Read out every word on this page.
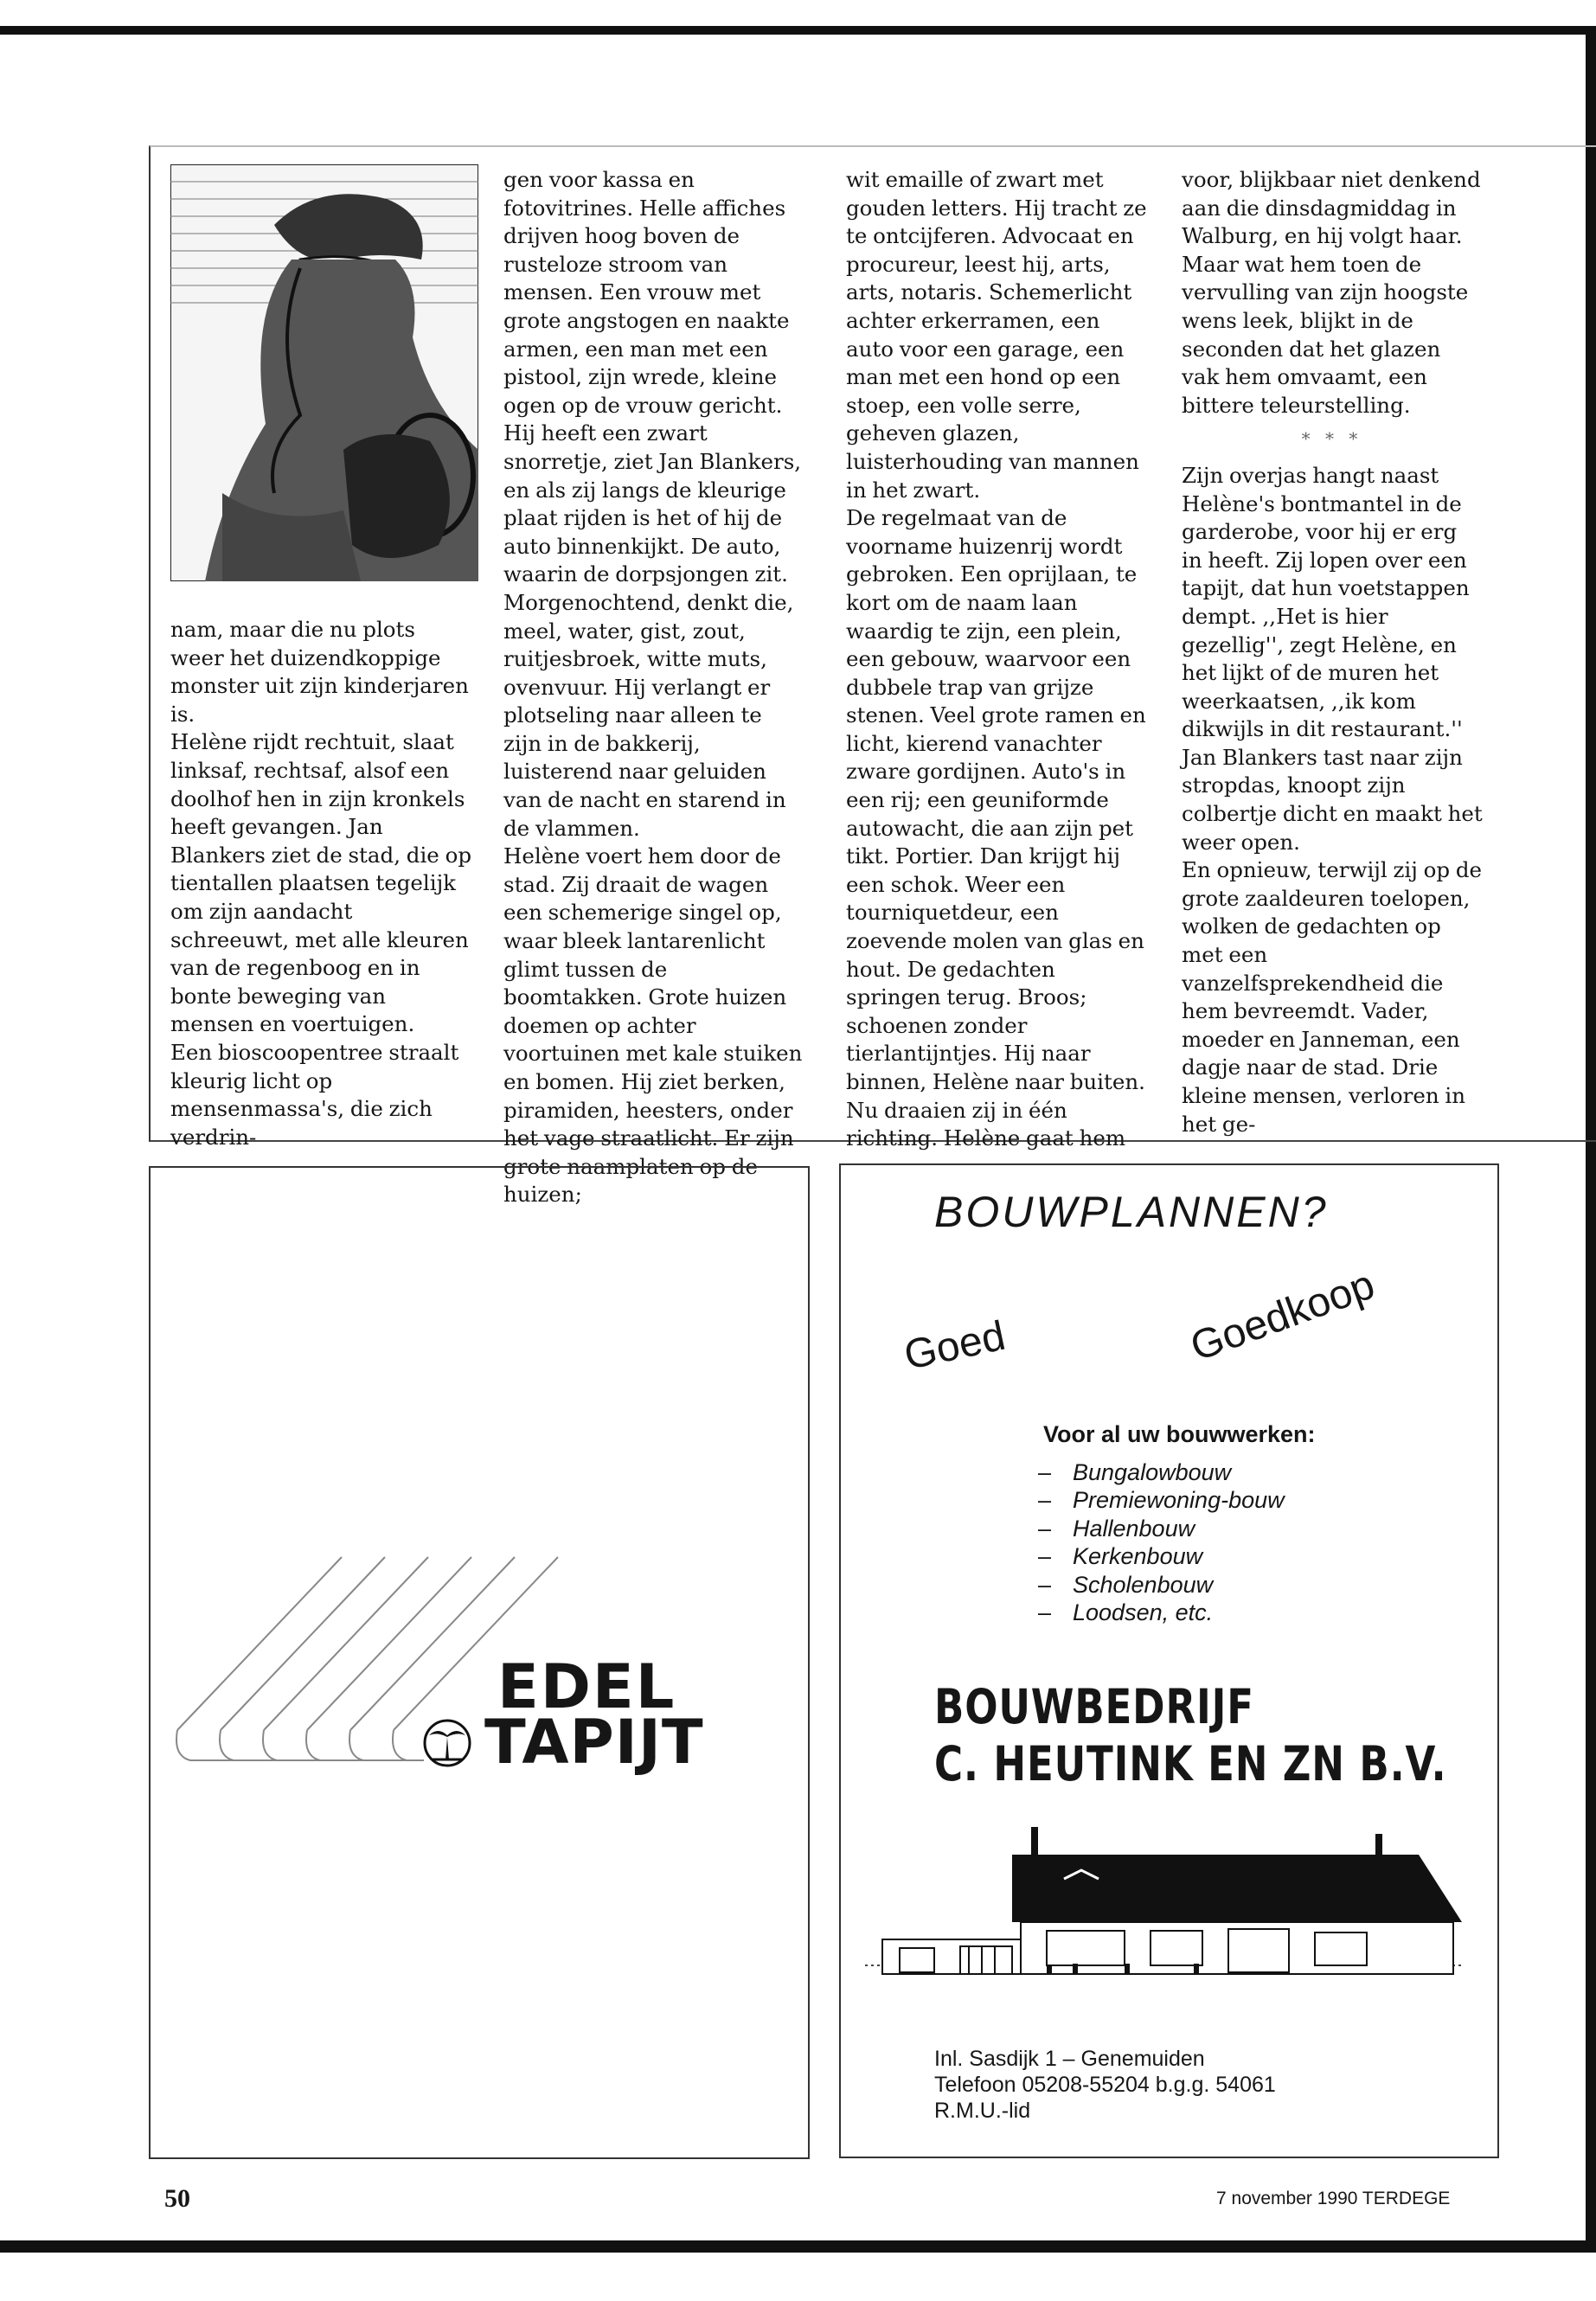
nam, maar die nu plots weer het duizendkoppige monster uit zijn kinderjaren is.
Helène rijdt rechtuit, slaat linksaf, rechtsaf, alsof een doolhof hen in zijn kronkels heeft gevangen. Jan Blankers ziet de stad, die op tientallen plaatsen tegelijk om zijn aandacht schreeuwt, met alle kleuren van de regenboog en in bonte beweging van mensen en voertuigen.
Een bioscoopentree straalt kleurig licht op mensenmassa's, die zich verdrin-
gen voor kassa en fotovitrines. Helle affiches drijven hoog boven de rusteloze stroom van mensen. Een vrouw met grote angstogen en naakte armen, een man met een pistool, zijn wrede, kleine ogen op de vrouw gericht. Hij heeft een zwart snorretje, ziet Jan Blankers, en als zij langs de kleurige plaat rijden is het of hij de auto binnenkijkt. De auto, waarin de dorpsjongen zit. Morgenochtend, denkt die, meel, water, gist, zout, ruitjesbroek, witte muts, ovenvuur. Hij verlangt er plotseling naar alleen te zijn in de bakkerij, luisterend naar geluiden van de nacht en starend in de vlammen.
Helène voert hem door de stad. Zij draait de wagen een schemerige singel op, waar bleek lantarenlicht glimt tussen de boomtakken. Grote huizen doemen op achter voortuinen met kale stuiken en bomen. Hij ziet berken, piramiden, heesters, onder het vage straatlicht. Er zijn grote naamplaten op de huizen;
wit emaille of zwart met gouden letters. Hij tracht ze te ontcijferen. Advocaat en procureur, leest hij, arts, arts, notaris. Schemerlicht achter erkerramen, een auto voor een garage, een man met een hond op een stoep, een volle serre, geheven glazen, luisterhouding van mannen in het zwart.
De regelmaat van de voorname huizenrij wordt gebroken. Een oprijlaan, te kort om de naam laan waardig te zijn, een plein, een gebouw, waarvoor een dubbele trap van grijze stenen. Veel grote ramen en licht, kierend vanachter zware gordijnen. Auto's in een rij; een geuniformde autowacht, die aan zijn pet tikt. Portier. Dan krijgt hij een schok. Weer een tourniquetdeur, een zoevende molen van glas en hout. De gedachten springen terug. Broos; schoenen zonder tierlantijntjes. Hij naar binnen, Helène naar buiten. Nu draaien zij in één richting. Helène gaat hem
voor, blijkbaar niet denkend aan die dinsdagmiddag in Walburg, en hij volgt haar. Maar wat hem toen de vervulling van zijn hoogste wens leek, blijkt in de seconden dat het glazen vak hem omvaamt, een bittere teleurstelling.
* * *
Zijn overjas hangt naast Helène's bontmantel in de garderobe, voor hij er erg in heeft. Zij lopen over een tapijt, dat hun voetstappen dempt. ,,Het is hier gezellig'', zegt Helène, en het lijkt of de muren het weerkaatsen, ,,ik kom dikwijls in dit restaurant.''
Jan Blankers tast naar zijn stropdas, knoopt zijn colbertje dicht en maakt het weer open.
En opnieuw, terwijl zij op de grote zaaldeuren toelopen, wolken de gedachten op met een vanzelfsprekendheid die hem bevreemdt. Vader, moeder en Janneman, een dagje naar de stad. Drie kleine mensen, verloren in het ge-
EDEL
TAPIJT
BOUWPLANNEN?
Goed	Goedkoop
Voor al uw bouwwerken:
– Bungalowbouw
– Premiewoning-bouw
– Hallenbouw
– Kerkenbouw
– Scholenbouw
– Loodsen, etc.
BOUWBEDRIJF
C. HEUTINK EN ZN B.V.
Inl. Sasdijk 1 – Genemuiden
Telefoon 05208-55204 b.g.g. 54061
R.M.U.-lid
50	7 november 1990 TERDEGE
